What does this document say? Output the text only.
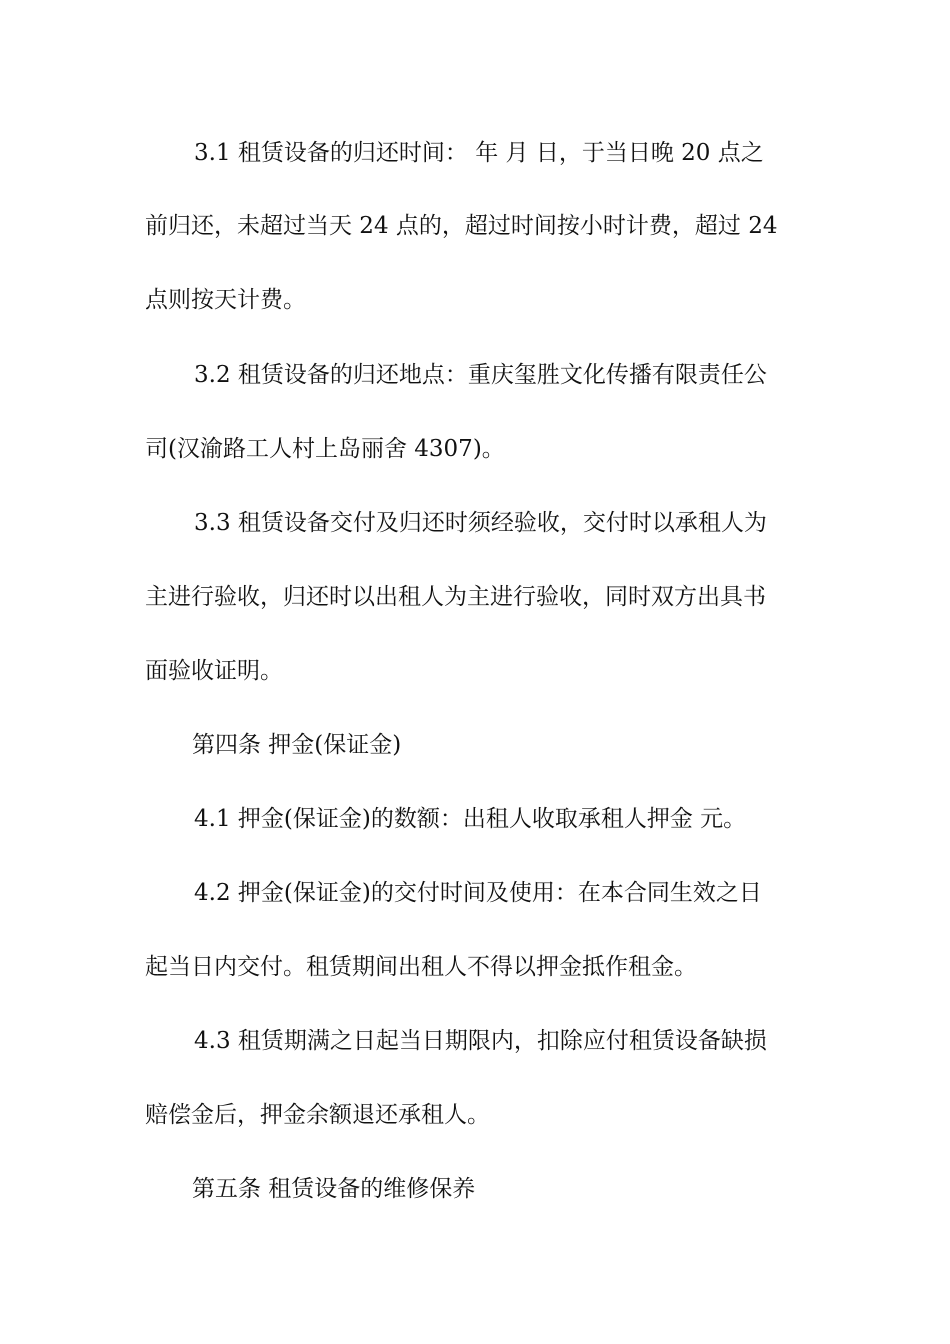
3.1 租赁设备的归还时间： 年 月 日，于当日晚 20 点之
前归还，未超过当天 24 点的，超过时间按小时计费，超过 24
点则按天计费。
3.2 租赁设备的归还地点：重庆玺胜文化传播有限责任公
司(汉渝路工人村上岛丽舍 4307)。
3.3 租赁设备交付及归还时须经验收，交付时以承租人为
主进行验收，归还时以出租人为主进行验收，同时双方出具书
面验收证明。
第四条 押金(保证金)
4.1 押金(保证金)的数额：出租人收取承租人押金 元。
4.2 押金(保证金)的交付时间及使用：在本合同生效之日
起当日内交付。租赁期间出租人不得以押金抵作租金。
4.3 租赁期满之日起当日期限内，扣除应付租赁设备缺损
赔偿金后，押金余额退还承租人。
第五条 租赁设备的维修保养
